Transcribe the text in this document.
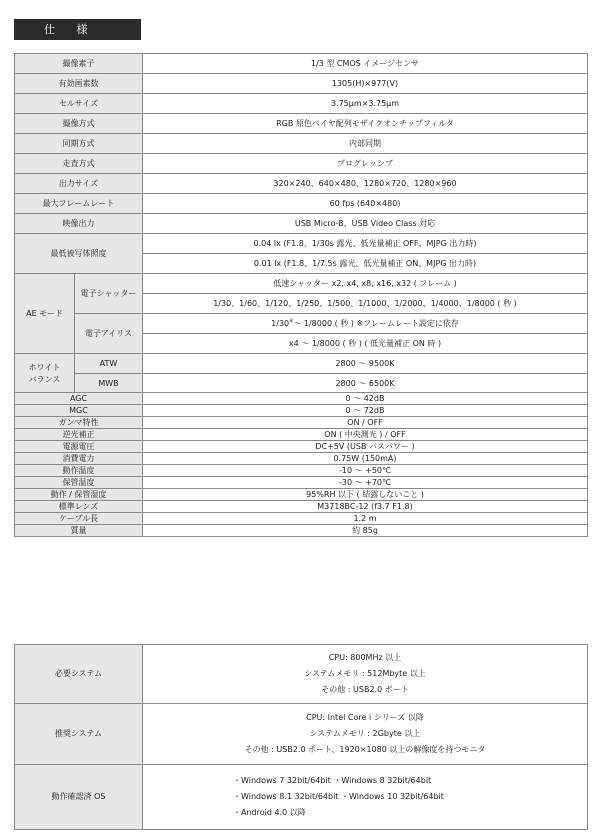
仕 様
撮像素子	1/3 型 CMOS イメージセンサ
有効画素数	1305(H)×977(V)
セルサイズ	3.75μm×3.75μm
撮像方式	RGB 原色ベイヤ配列モザイクオンチップフィルタ
同期方式	内部同期
走査方式	プログレッシブ
出力サイズ	320×240、640×480、1280×720、1280×960
最大フレームレート	60 fps (640×480)
映像出力	USB Micro-B、USB Video Class 対応
最低被写体照度	0.04 lx (F1.8、1/30s 露光、低光量補正 OFF、MJPG 出力時)
	0.01 lx (F1.8、1/7.5s 露光、低光量補正 ON、MJPG 出力時)
AE モード	電子シャッター	低速シャッター x2, x4, x8, x16, x32 ( フレーム )
		1/30、1/60、1/120、1/250、1/500、1/1000、1/2000、1/4000、1/8000 ( 秒 )
	電子アイリス	1/30※～ 1/8000 ( 秒 ) ※フレームレート設定に依存
		x4 ～ 1/8000 ( 秒 ) ( 低光量補正 ON 時 )

ホワイト
バランス	ATW	2800 ～ 9500K
	MWB	2800 ～ 6500K
AGC	0 ～ 42dB
MGC	0 ～ 72dB
ガンマ特性	ON / OFF
逆光補正	ON ( 中央測光 ) / OFF
電源電圧	DC+5V (USB バスパワー )
消費電力	0.75W (150mA)
動作温度	-10 ～ +50℃
保管温度	-30 ～ +70℃
動作 / 保管湿度	95%RH 以下 ( 結露しないこと )
標準レンズ	M3718BC-12 (f3.7 F1.8)
ケーブル長	1.2 m
質量	約 85g
必要システム	CPU: 800MHz 以上
システムメモリ : 512Mbyte 以上
その他 : USB2.0 ポート

推奨システム	CPU: Intel Core i シリーズ 以降
システムメモリ : 2Gbyte 以上
その他 : USB2.0 ポート、1920×1080 以上の解像度を持つモニタ

動作確認済 OS	・Windows 7 32bit/64bit ・Windows 8 32bit/64bit
・Windows 8.1 32bit/64bit ・Windows 10 32bit/64bit
・Android 4.0 以降
